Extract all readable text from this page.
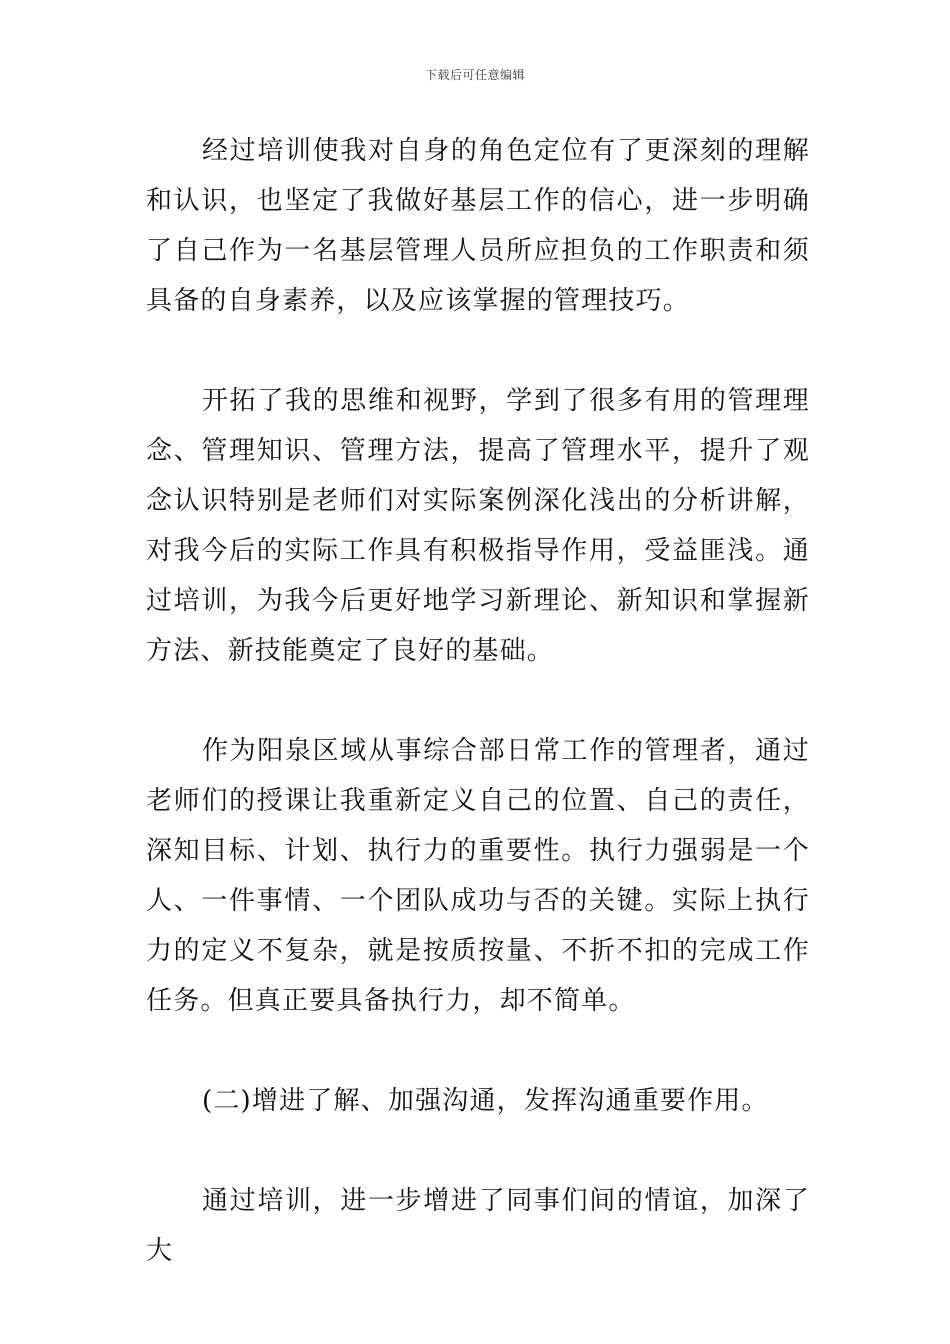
下载后可任意编辑

经过培训使我对自身的角色定位有了更深刻的理解和认识，也坚定了我做好基层工作的信心，进一步明确了自己作为一名基层管理人员所应担负的工作职责和须具备的自身素养，以及应该掌握的管理技巧。

开拓了我的思维和视野，学到了很多有用的管理理念、管理知识、管理方法，提高了管理水平，提升了观念认识特别是老师们对实际案例深化浅出的分析讲解，对我今后的实际工作具有积极指导作用，受益匪浅。通过培训，为我今后更好地学习新理论、新知识和掌握新方法、新技能奠定了良好的基础。

作为阳泉区域从事综合部日常工作的管理者，通过老师们的授课让我重新定义自己的位置、自己的责任，深知目标、计划、执行力的重要性。执行力强弱是一个人、一件事情、一个团队成功与否的关键。实际上执行力的定义不复杂，就是按质按量、不折不扣的完成工作任务。但真正要具备执行力，却不简单。

(二)增进了解、加强沟通，发挥沟通重要作用。

通过培训，进一步增进了同事们间的情谊，加深了大
